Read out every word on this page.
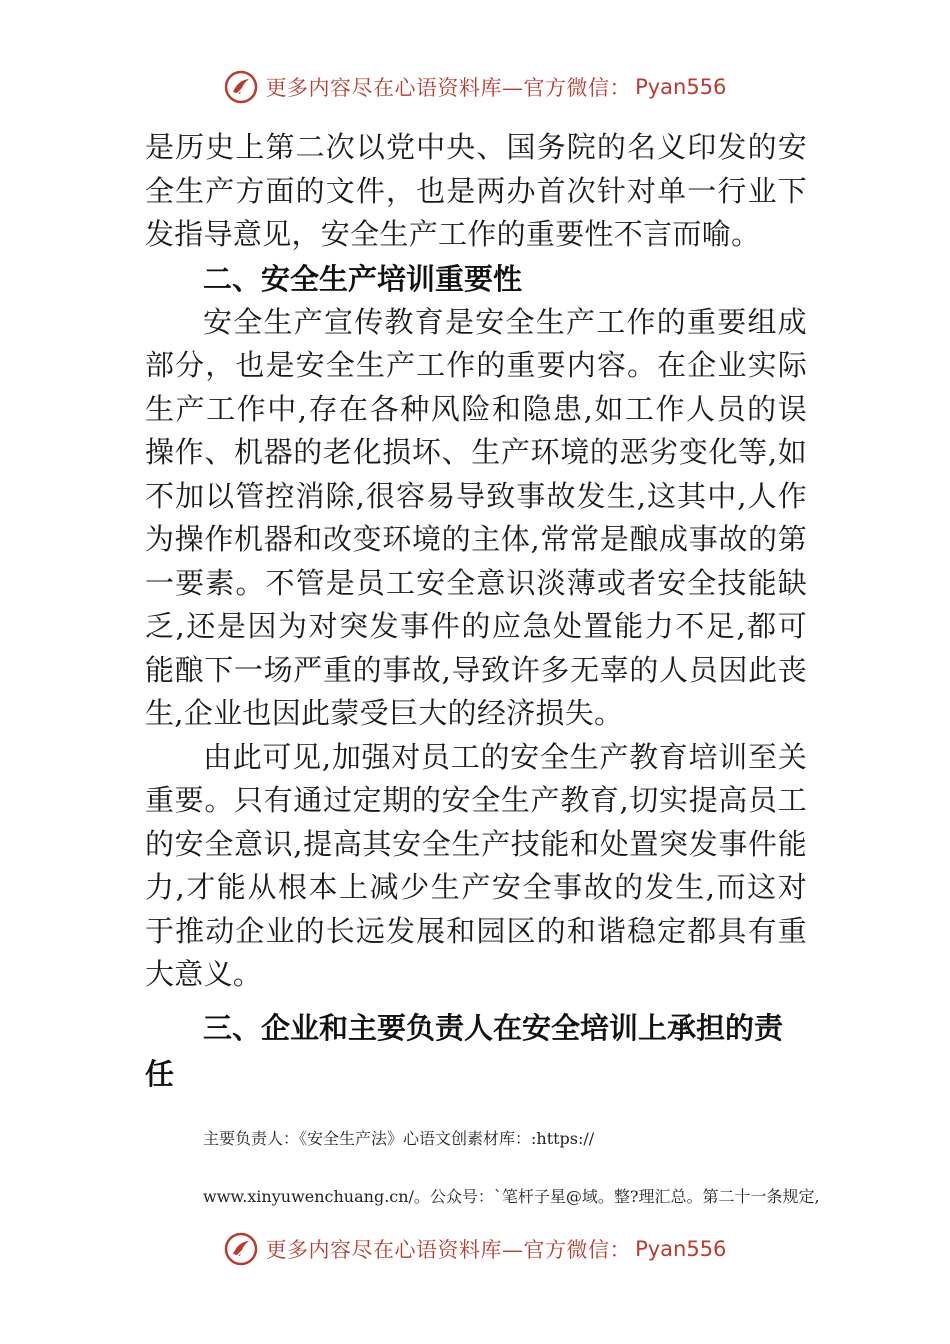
更多内容尽在心语资料库—官方微信： Pyan556

是历史上第二次以党中央、国务院的名义印发的安全生产方面的文件，也是两办首次针对单一行业下发指导意见，安全生产工作的重要性不言而喻。

二、安全生产培训重要性

安全生产宣传教育是安全生产工作的重要组成部分，也是安全生产工作的重要内容。在企业实际生产工作中,存在各种风险和隐患,如工作人员的误操作、机器的老化损坏、生产环境的恶劣变化等,如不加以管控消除,很容易导致事故发生,这其中,人作为操作机器和改变环境的主体,常常是酿成事故的第一要素。不管是员工安全意识淡薄或者安全技能缺乏,还是因为对突发事件的应急处置能力不足,都可能酿下一场严重的事故,导致许多无辜的人员因此丧生,企业也因此蒙受巨大的经济损失。

由此可见,加强对员工的安全生产教育培训至关重要。只有通过定期的安全生产教育,切实提高员工的安全意识,提高其安全生产技能和处置突发事件能力,才能从根本上减少生产安全事故的发生,而这对于推动企业的长远发展和园区的和谐稳定都具有重大意义。

三、企业和主要负责人在安全培训上承担的责任

主要负责人：《安全生产法》心语文创素材库：:https://

www.xinyuwenchuang.cn/。公众号：`笔杆子星@域。整?理汇总。第二十一条规定,

更多内容尽在心语资料库—官方微信： Pyan556
